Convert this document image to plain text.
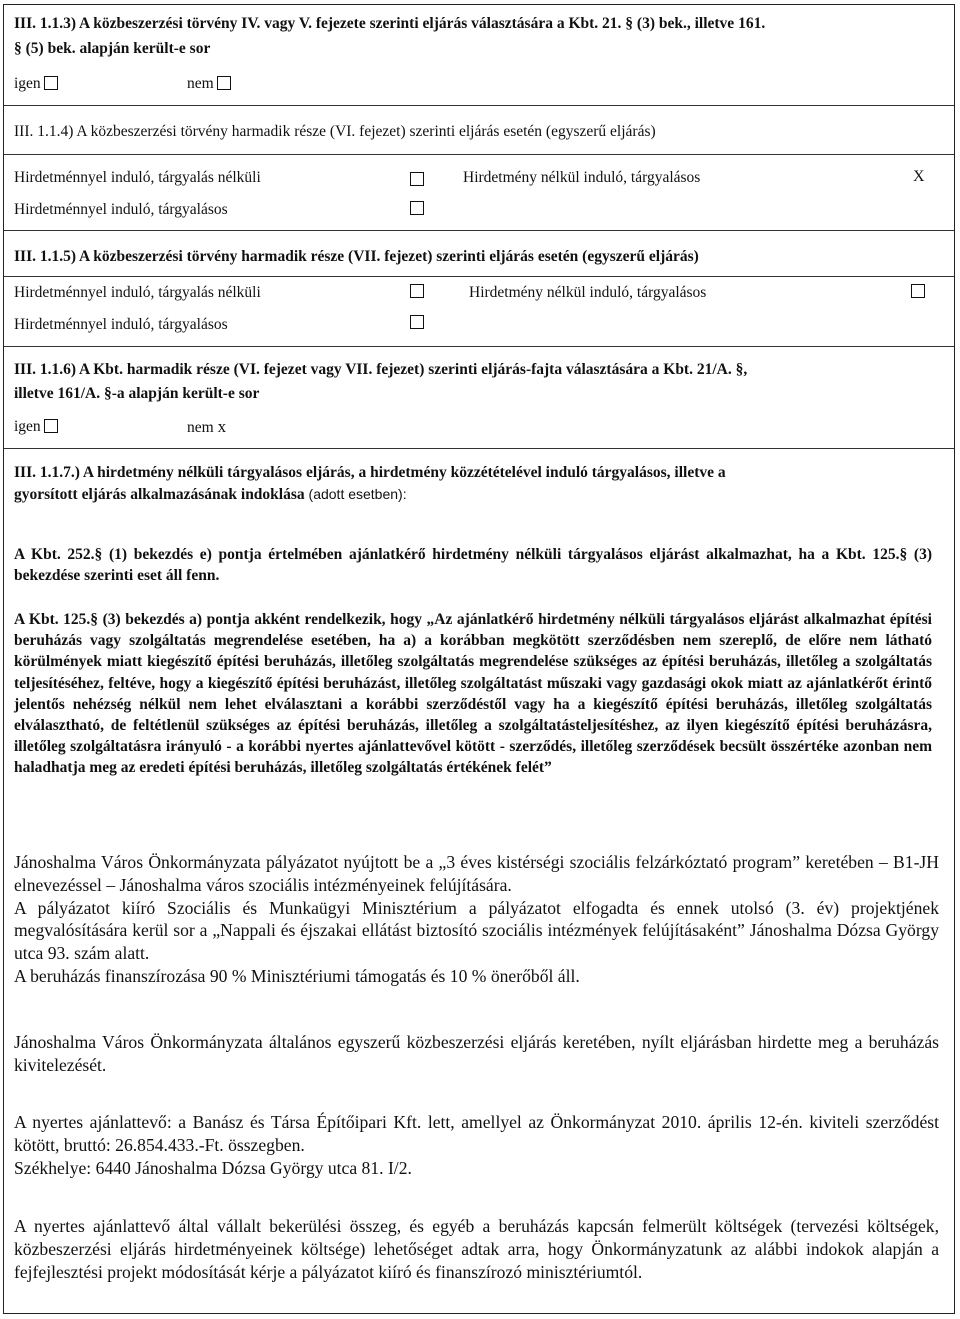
III. 1.1.3) A közbeszerzési törvény IV. vagy V. fejezete szerinti eljárás választására a Kbt. 21. § (3) bek., illetve 161.
§ (5) bek. alapján került-e sor
igen	nem
III. 1.1.4) A közbeszerzési törvény harmadik része (VI. fejezet) szerinti eljárás esetén (egyszerű eljárás)
Hirdetménnyel induló, tárgyalás nélküli	Hirdetmény nélkül induló, tárgyalásos	X
Hirdetménnyel induló, tárgyalásos
III. 1.1.5) A közbeszerzési törvény harmadik része (VII. fejezet) szerinti eljárás esetén (egyszerű eljárás)
Hirdetménnyel induló, tárgyalás nélküli	Hirdetmény nélkül induló, tárgyalásos
Hirdetménnyel induló, tárgyalásos
III. 1.1.6) A Kbt. harmadik része (VI. fejezet vagy VII. fejezet) szerinti eljárás-fajta választására a Kbt. 21/A. §,
illetve 161/A. §-a alapján került-e sor
igen	nem x
III. 1.1.7.) A hirdetmény nélküli tárgyalásos eljárás, a hirdetmény közzétételével induló tárgyalásos, illetve a
gyorsított eljárás alkalmazásának indoklása (adott esetben):
A Kbt. 252.§ (1) bekezdés e) pontja értelmében ajánlatkérő hirdetmény nélküli tárgyalásos eljárást alkalmazhat, ha a Kbt. 125.§ (3) bekezdése szerinti eset áll fenn.
A Kbt. 125.§ (3) bekezdés a) pontja akként rendelkezik, hogy „Az ajánlatkérő hirdetmény nélküli tárgyalásos eljárást alkalmazhat építési beruházás vagy szolgáltatás megrendelése esetében, ha a) a korábban megkötött szerződésben nem szereplő, de előre nem látható körülmények miatt kiegészítő építési beruházás, illetőleg szolgáltatás megrendelése szükséges az építési beruházás, illetőleg a szolgáltatás teljesítéséhez, feltéve, hogy a kiegészítő építési beruházást, illetőleg szolgáltatást műszaki vagy gazdasági okok miatt az ajánlatkérőt érintő jelentős nehézség nélkül nem lehet elválasztani a korábbi szerződéstől vagy ha a kiegészítő építési beruházás, illetőleg szolgáltatás elválasztható, de feltétlenül szükséges az építési beruházás, illetőleg a szolgáltatásteljesítéshez, az ilyen kiegészítő építési beruházásra, illetőleg szolgáltatásra irányuló - a korábbi nyertes ajánlattevővel kötött - szerződés, illetőleg szerződések becsült összértéke azonban nem haladhatja meg az eredeti építési beruházás, illetőleg szolgáltatás értékének felét”

Jánoshalma Város Önkormányzata pályázatot nyújtott be a „3 éves kistérségi szociális felzárkóztató program” keretében – B1-JH elnevezéssel – Jánoshalma város szociális intézményeinek felújítására.

A pályázatot kiíró Szociális és Munkaügyi Minisztérium a pályázatot elfogadta és ennek utolsó (3. év) projektjének megvalósítására kerül sor a „Nappali és éjszakai ellátást biztosító szociális intézmények felújításaként” Jánoshalma Dózsa György utca 93. szám alatt.

A beruházás finanszírozása 90 % Minisztériumi támogatás és 10 % önerőből áll.

Jánoshalma Város Önkormányzata általános egyszerű közbeszerzési eljárás keretében, nyílt eljárásban hirdette meg a beruházás kivitelezését.

A nyertes ajánlattevő: a Banász és Társa Építőipari Kft. lett, amellyel az Önkormányzat 2010. április 12-én. kiviteli szerződést kötött, bruttó: 26.854.433.-Ft. összegben.

Székhelye: 6440 Jánoshalma Dózsa György utca 81. I/2.

A nyertes ajánlattevő által vállalt bekerülési összeg, és egyéb a beruházás kapcsán felmerült költségek (tervezési költségek, közbeszerzési eljárás hirdetményeinek költsége) lehetőséget adtak arra, hogy Önkormányzatunk az alábbi indokok alapján a fejfejlesztési projekt módosítását kérje a pályázatot kiíró és finanszírozó minisztériumtól.
